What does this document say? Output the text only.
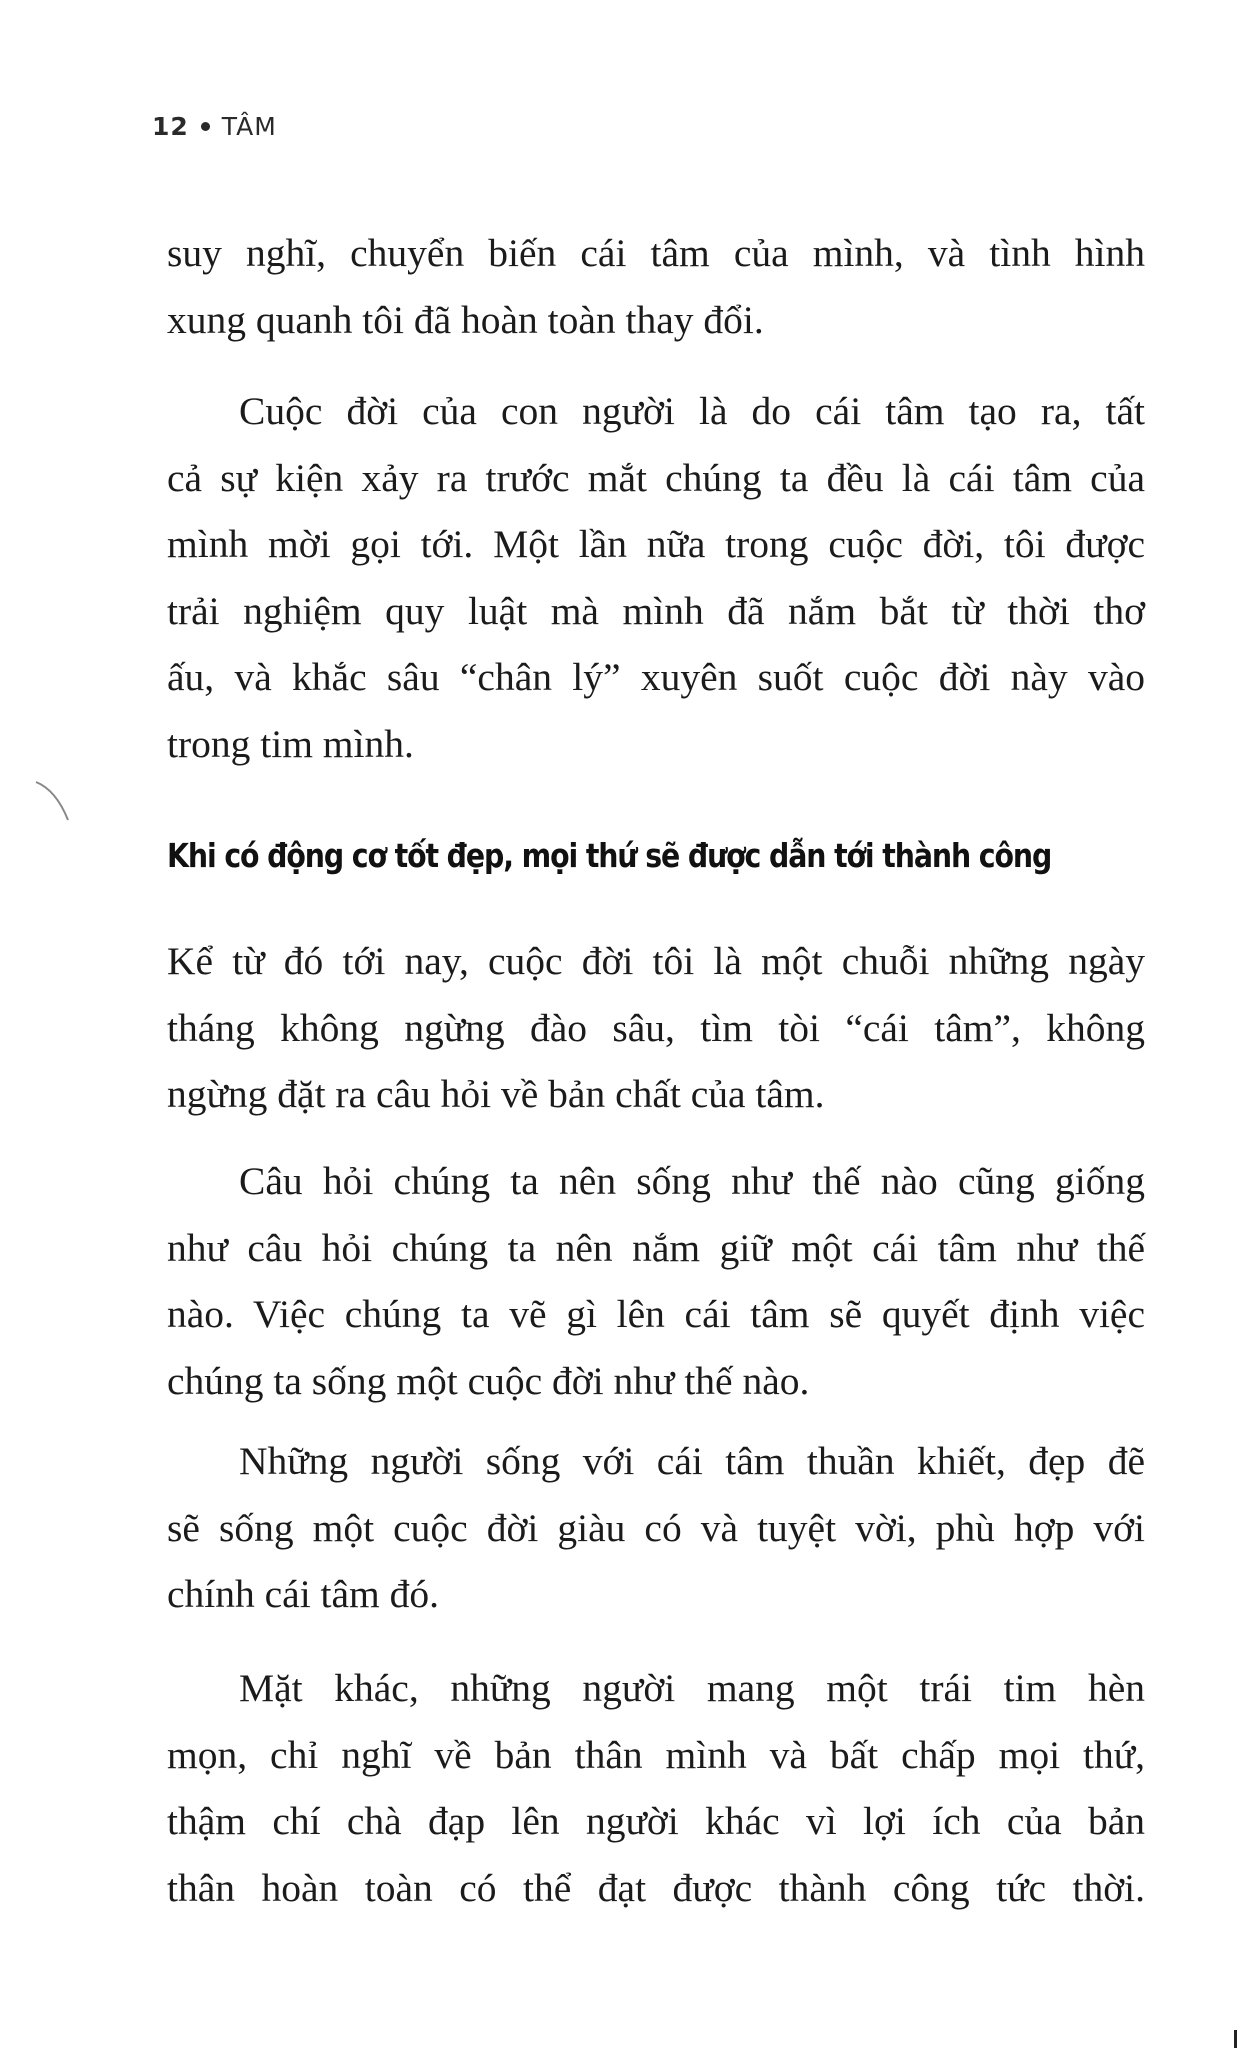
12 TÂM
suy nghĩ, chuyển biến cái tâm của mình, và tình hình
xung quanh tôi đã hoàn toàn thay đổi.
Cuộc đời của con người là do cái tâm tạo ra, tất
cả sự kiện xảy ra trước mắt chúng ta đều là cái tâm của
mình mời gọi tới. Một lần nữa trong cuộc đời, tôi được
trải nghiệm quy luật mà mình đã nắm bắt từ thời thơ
ấu, và khắc sâu “chân lý” xuyên suốt cuộc đời này vào
trong tim mình.
Khi có động cơ tốt đẹp, mọi thứ sẽ được dẫn tới thành công
Kể từ đó tới nay, cuộc đời tôi là một chuỗi những ngày
tháng không ngừng đào sâu, tìm tòi “cái tâm”, không
ngừng đặt ra câu hỏi về bản chất của tâm.
Câu hỏi chúng ta nên sống như thế nào cũng giống
như câu hỏi chúng ta nên nắm giữ một cái tâm như thế
nào. Việc chúng ta vẽ gì lên cái tâm sẽ quyết định việc
chúng ta sống một cuộc đời như thế nào.
Những người sống với cái tâm thuần khiết, đẹp đẽ
sẽ sống một cuộc đời giàu có và tuyệt vời, phù hợp với
chính cái tâm đó.
Mặt khác, những người mang một trái tim hèn
mọn, chỉ nghĩ về bản thân mình và bất chấp mọi thứ,
thậm chí chà đạp lên người khác vì lợi ích của bản
thân hoàn toàn có thể đạt được thành công tức thời.
